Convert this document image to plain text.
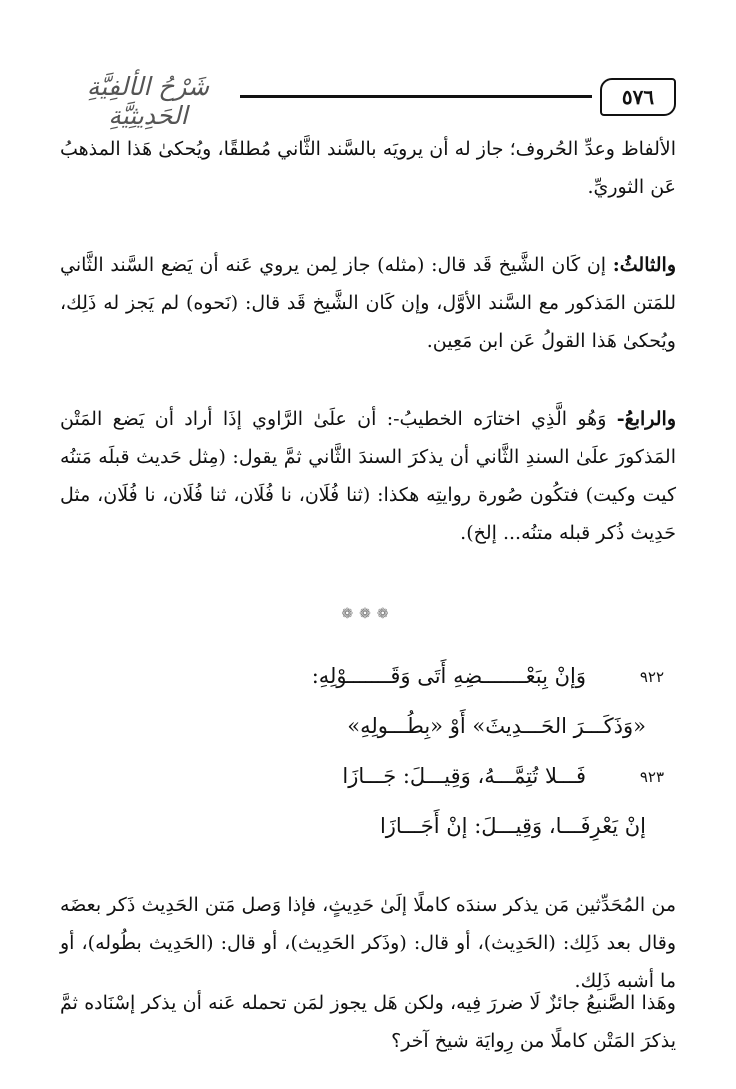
٥٧٦
شَرْحُ الألفِيَّةِ الحَدِيثِيَّةِ

الألفاظ وعدِّ الحُروف؛ جاز له أن يرويَه بالسَّند الثَّاني مُطلقًا، ويُحكىٰ هَذا المذهبُ عَن الثوريِّ.

والثالثُ: إن كَان الشَّيخ قَد قال: (مثله) جاز لِمن يروي عَنه أن يَضع السَّند الثَّاني للمَتن المَذكور مع السَّند الأوَّل، وإن كَان الشَّيخ قَد قال: (نَحوه) لم يَجز له ذَلِك، ويُحكىٰ هَذا القولُ عَن ابن مَعِين.

والرابعُ- وَهُو الَّذِي اختارَه الخطيبُ-: أن علَىٰ الرَّاوي إذَا أراد أن يَضع المَتْن المَذكورَ علَىٰ السندِ الثَّاني أن يذكرَ السندَ الثَّاني ثمَّ يقول: (مِثل حَديث قبلَه مَتنُه كيت وكيت) فتكُون صُورة روايتِه هكذا: (ثنا فُلَان، نا فُلَان، ثنا فُلَان، نا فُلَان، مثل حَدِيث ذُكر قبله متنُه... إلخ).

❁❁❁
٩٢٢
وَإنْ بِبَعْـــــــضِهِ أَتَى وَقَـــــــوْلِهِ:
«وَذَكَـــرَ الحَـــدِيثَ» أَوْ «بِطُـــولِهِ»
٩٢٣
فَـــلا تُتِمَّـــهُ، وَقِيـــلَ: جَـــازَا
إنْ يَعْرِفَـــا، وَقِيـــلَ: إنْ أَجَـــازَا

من المُحَدِّثين مَن يذكر سندَه كاملًا إلَىٰ حَدِيثٍ، فإذا وَصل مَتن الحَدِيث ذَكر بعضَه وقال بعد ذَلِك: (الحَدِيث)، أو قال: (وذَكر الحَدِيث)، أو قال: (الحَدِيث بطُوله)، أو ما أشبه ذَلِك.

وهَذا الصَّنيعُ جائزٌ لَا ضررَ فِيه، ولكن هَل يجوز لمَن تحمله عَنه أن يذكر إسْنَاده ثمَّ يذكرَ المَتْن كاملًا من رِوايَة شيخ آخر؟
